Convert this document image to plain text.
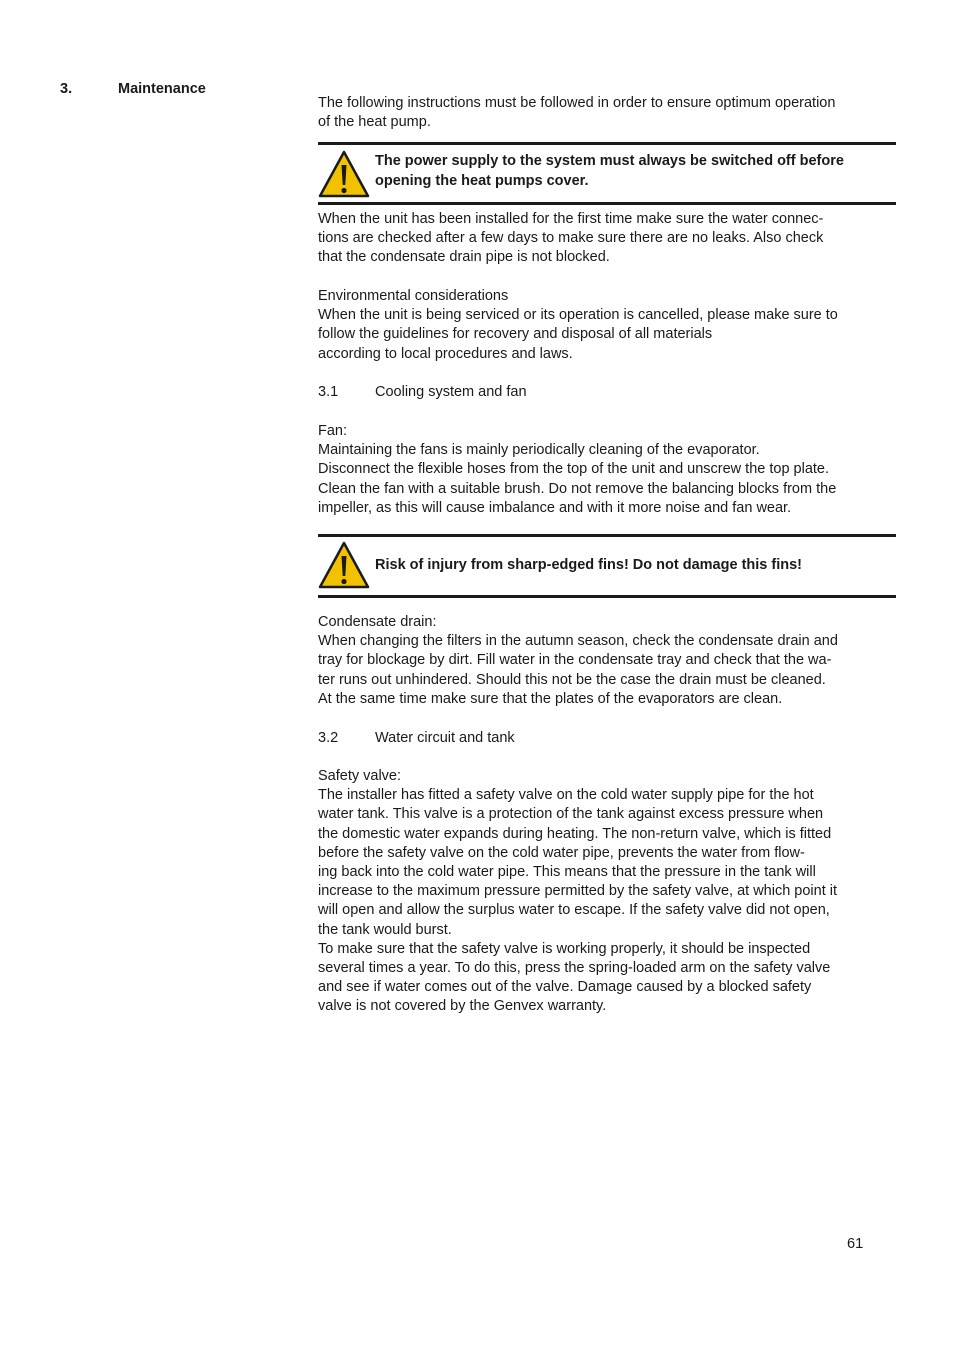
3.	Maintenance

The following instructions must be followed in order to ensure optimum operation
of the heat pump.

The power supply to the system must always be switched off before
opening the heat pumps cover.

When the unit has been installed for the first time make sure the water connec-
tions are checked after a few days to make sure there are no leaks. Also check
that the condensate drain pipe is not blocked.

Environmental considerations

When the unit is being serviced or its operation is cancelled, please make sure to
follow the guidelines for recovery and disposal of all materials
according to local procedures and laws.

3.1	Cooling system and fan

Fan:

Maintaining the fans is mainly periodically cleaning of the evaporator.
Disconnect the flexible hoses from the top of the unit and unscrew the top plate.
Clean the fan with a suitable brush. Do not remove the balancing blocks from the
impeller, as this will cause imbalance and with it more noise and fan wear.

Risk of injury from sharp-edged fins! Do not damage this fins!

Condensate drain:

When changing the filters in the autumn season, check the condensate drain and
tray for blockage by dirt. Fill water in the condensate tray and check that the wa-
ter runs out unhindered. Should this not be the case the drain must be cleaned.
At the same time make sure that the plates of the evaporators are clean.

3.2	Water circuit and tank

Safety valve:

The installer has fitted a safety valve on the cold water supply pipe for the hot
water tank. This valve is a protection of the tank against excess pressure when
the domestic water expands during heating. The non-return valve, which is fitted
before the safety valve on the cold water pipe, prevents the water from flow-
ing back into the cold water pipe. This means that the pressure in the tank will
increase to the maximum pressure permitted by the safety valve, at which point it
will open and allow the surplus water to escape. If the safety valve did not open,
the tank would burst.
To make sure that the safety valve is working properly, it should be inspected
several times a year. To do this, press the spring-loaded arm on the safety valve
and see if water comes out of the valve. Damage caused by a blocked safety
valve is not covered by the Genvex warranty.

61
